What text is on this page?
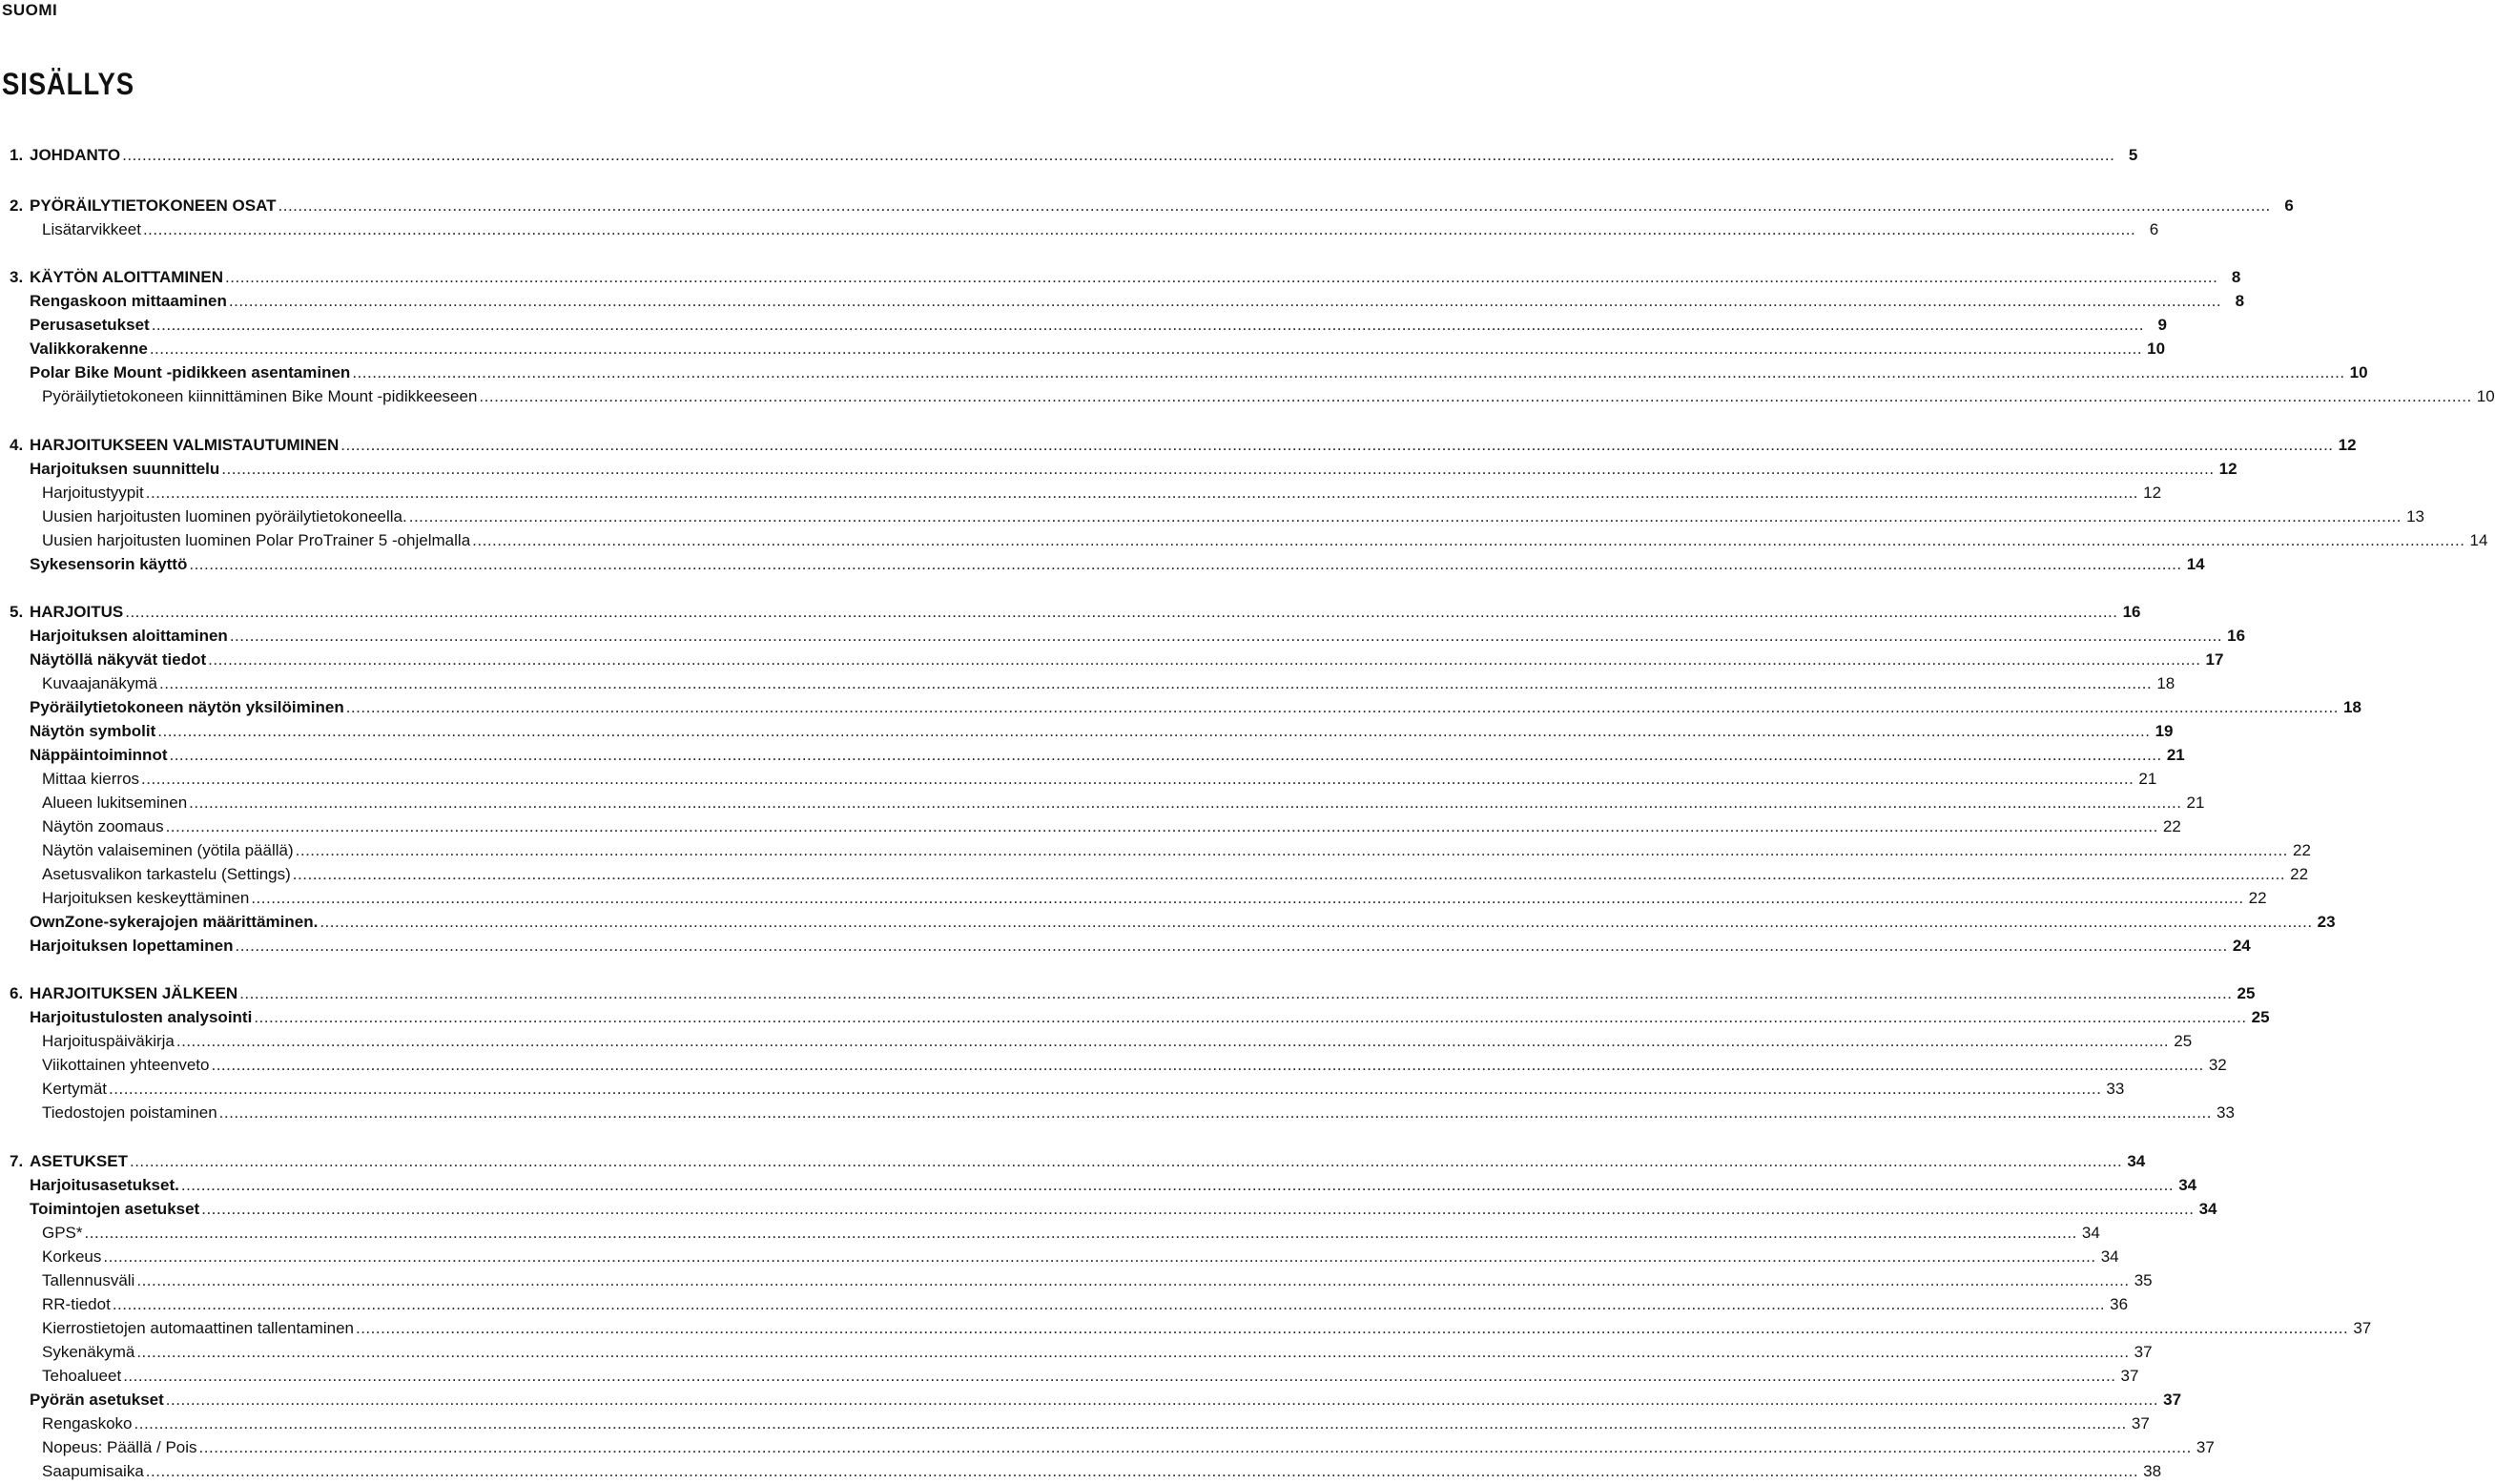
SUOMI
SISÄLLYS
1. JOHDANTO ................................................................................................................................................................................................................................................................................................................................................................................................................ 5
2. PYÖRÄILYTIETOKONEEN OSAT ................................................................................................................................................................................................................................................................................................................................................................................................................ 6
Lisätarvikkeet ................................................................................................................................................................................................................................................................................................................................................................................................................ 6
3. KÄYTÖN ALOITTAMINEN ................................................................................................................................................................................................................................................................................................................................................................................................................ 8
Rengaskoon mittaaminen ................................................................................................................................................................................................................................................................................................................................................................................................................ 8
Perusasetukset ................................................................................................................................................................................................................................................................................................................................................................................................................ 9
Valikkorakenne ................................................................................................................................................................................................................................................................................................................................................................................................................ 10
Polar Bike Mount -pidikkeen asentaminen ................................................................................................................................................................................................................................................................................................................................................................................................................ 10
Pyöräilytietokoneen kiinnittäminen Bike Mount -pidikkeeseen ................................................................................................................................................................................................................................................................................................................................................................................................................ 10
4. HARJOITUKSEEN VALMISTAUTUMINEN ................................................................................................................................................................................................................................................................................................................................................................................................................ 12
Harjoituksen suunnittelu ................................................................................................................................................................................................................................................................................................................................................................................................................ 12
Harjoitustyypit ................................................................................................................................................................................................................................................................................................................................................................................................................ 12
Uusien harjoitusten luominen pyöräilytietokoneella. ................................................................................................................................................................................................................................................................................................................................................................................................................ 13
Uusien harjoitusten luominen Polar ProTrainer 5 -ohjelmalla ................................................................................................................................................................................................................................................................................................................................................................................................................ 14
Sykesensorin käyttö ................................................................................................................................................................................................................................................................................................................................................................................................................ 14
5. HARJOITUS ................................................................................................................................................................................................................................................................................................................................................................................................................ 16
Harjoituksen aloittaminen ................................................................................................................................................................................................................................................................................................................................................................................................................ 16
Näytöllä näkyvät tiedot ................................................................................................................................................................................................................................................................................................................................................................................................................ 17
Kuvaajanäkymä ................................................................................................................................................................................................................................................................................................................................................................................................................ 18
Pyöräilytietokoneen näytön yksilöiminen ................................................................................................................................................................................................................................................................................................................................................................................................................ 18
Näytön symbolit ................................................................................................................................................................................................................................................................................................................................................................................................................ 19
Näppäintoiminnot ................................................................................................................................................................................................................................................................................................................................................................................................................ 21
Mittaa kierros ................................................................................................................................................................................................................................................................................................................................................................................................................ 21
Alueen lukitseminen ................................................................................................................................................................................................................................................................................................................................................................................................................ 21
Näytön zoomaus ................................................................................................................................................................................................................................................................................................................................................................................................................ 22
Näytön valaiseminen (yötila päällä) ................................................................................................................................................................................................................................................................................................................................................................................................................ 22
Asetusvalikon tarkastelu (Settings) ................................................................................................................................................................................................................................................................................................................................................................................................................ 22
Harjoituksen keskeyttäminen ................................................................................................................................................................................................................................................................................................................................................................................................................ 22
OwnZone-sykerajojen määrittäminen. ................................................................................................................................................................................................................................................................................................................................................................................................................ 23
Harjoituksen lopettaminen ................................................................................................................................................................................................................................................................................................................................................................................................................ 24
6. HARJOITUKSEN JÄLKEEN ................................................................................................................................................................................................................................................................................................................................................................................................................ 25
Harjoitustulosten analysointi ................................................................................................................................................................................................................................................................................................................................................................................................................ 25
Harjoituspäiväkirja ................................................................................................................................................................................................................................................................................................................................................................................................................ 25
Viikottainen yhteenveto ................................................................................................................................................................................................................................................................................................................................................................................................................ 32
Kertymät ................................................................................................................................................................................................................................................................................................................................................................................................................ 33
Tiedostojen poistaminen ................................................................................................................................................................................................................................................................................................................................................................................................................ 33
7. ASETUKSET ................................................................................................................................................................................................................................................................................................................................................................................................................ 34
Harjoitusasetukset. ................................................................................................................................................................................................................................................................................................................................................................................................................ 34
Toimintojen asetukset ................................................................................................................................................................................................................................................................................................................................................................................................................ 34
GPS* ................................................................................................................................................................................................................................................................................................................................................................................................................ 34
Korkeus ................................................................................................................................................................................................................................................................................................................................................................................................................ 34
Tallennusväli ................................................................................................................................................................................................................................................................................................................................................................................................................ 35
RR-tiedot ................................................................................................................................................................................................................................................................................................................................................................................................................ 36
Kierrostietojen automaattinen tallentaminen ................................................................................................................................................................................................................................................................................................................................................................................................................ 37
Sykenäkymä ................................................................................................................................................................................................................................................................................................................................................................................................................ 37
Tehoalueet ................................................................................................................................................................................................................................................................................................................................................................................................................ 37
Pyörän asetukset ................................................................................................................................................................................................................................................................................................................................................................................................................ 37
Rengaskoko ................................................................................................................................................................................................................................................................................................................................................................................................................ 37
Nopeus: Päällä / Pois ................................................................................................................................................................................................................................................................................................................................................................................................................ 37
Saapumisaika ................................................................................................................................................................................................................................................................................................................................................................................................................ 38
